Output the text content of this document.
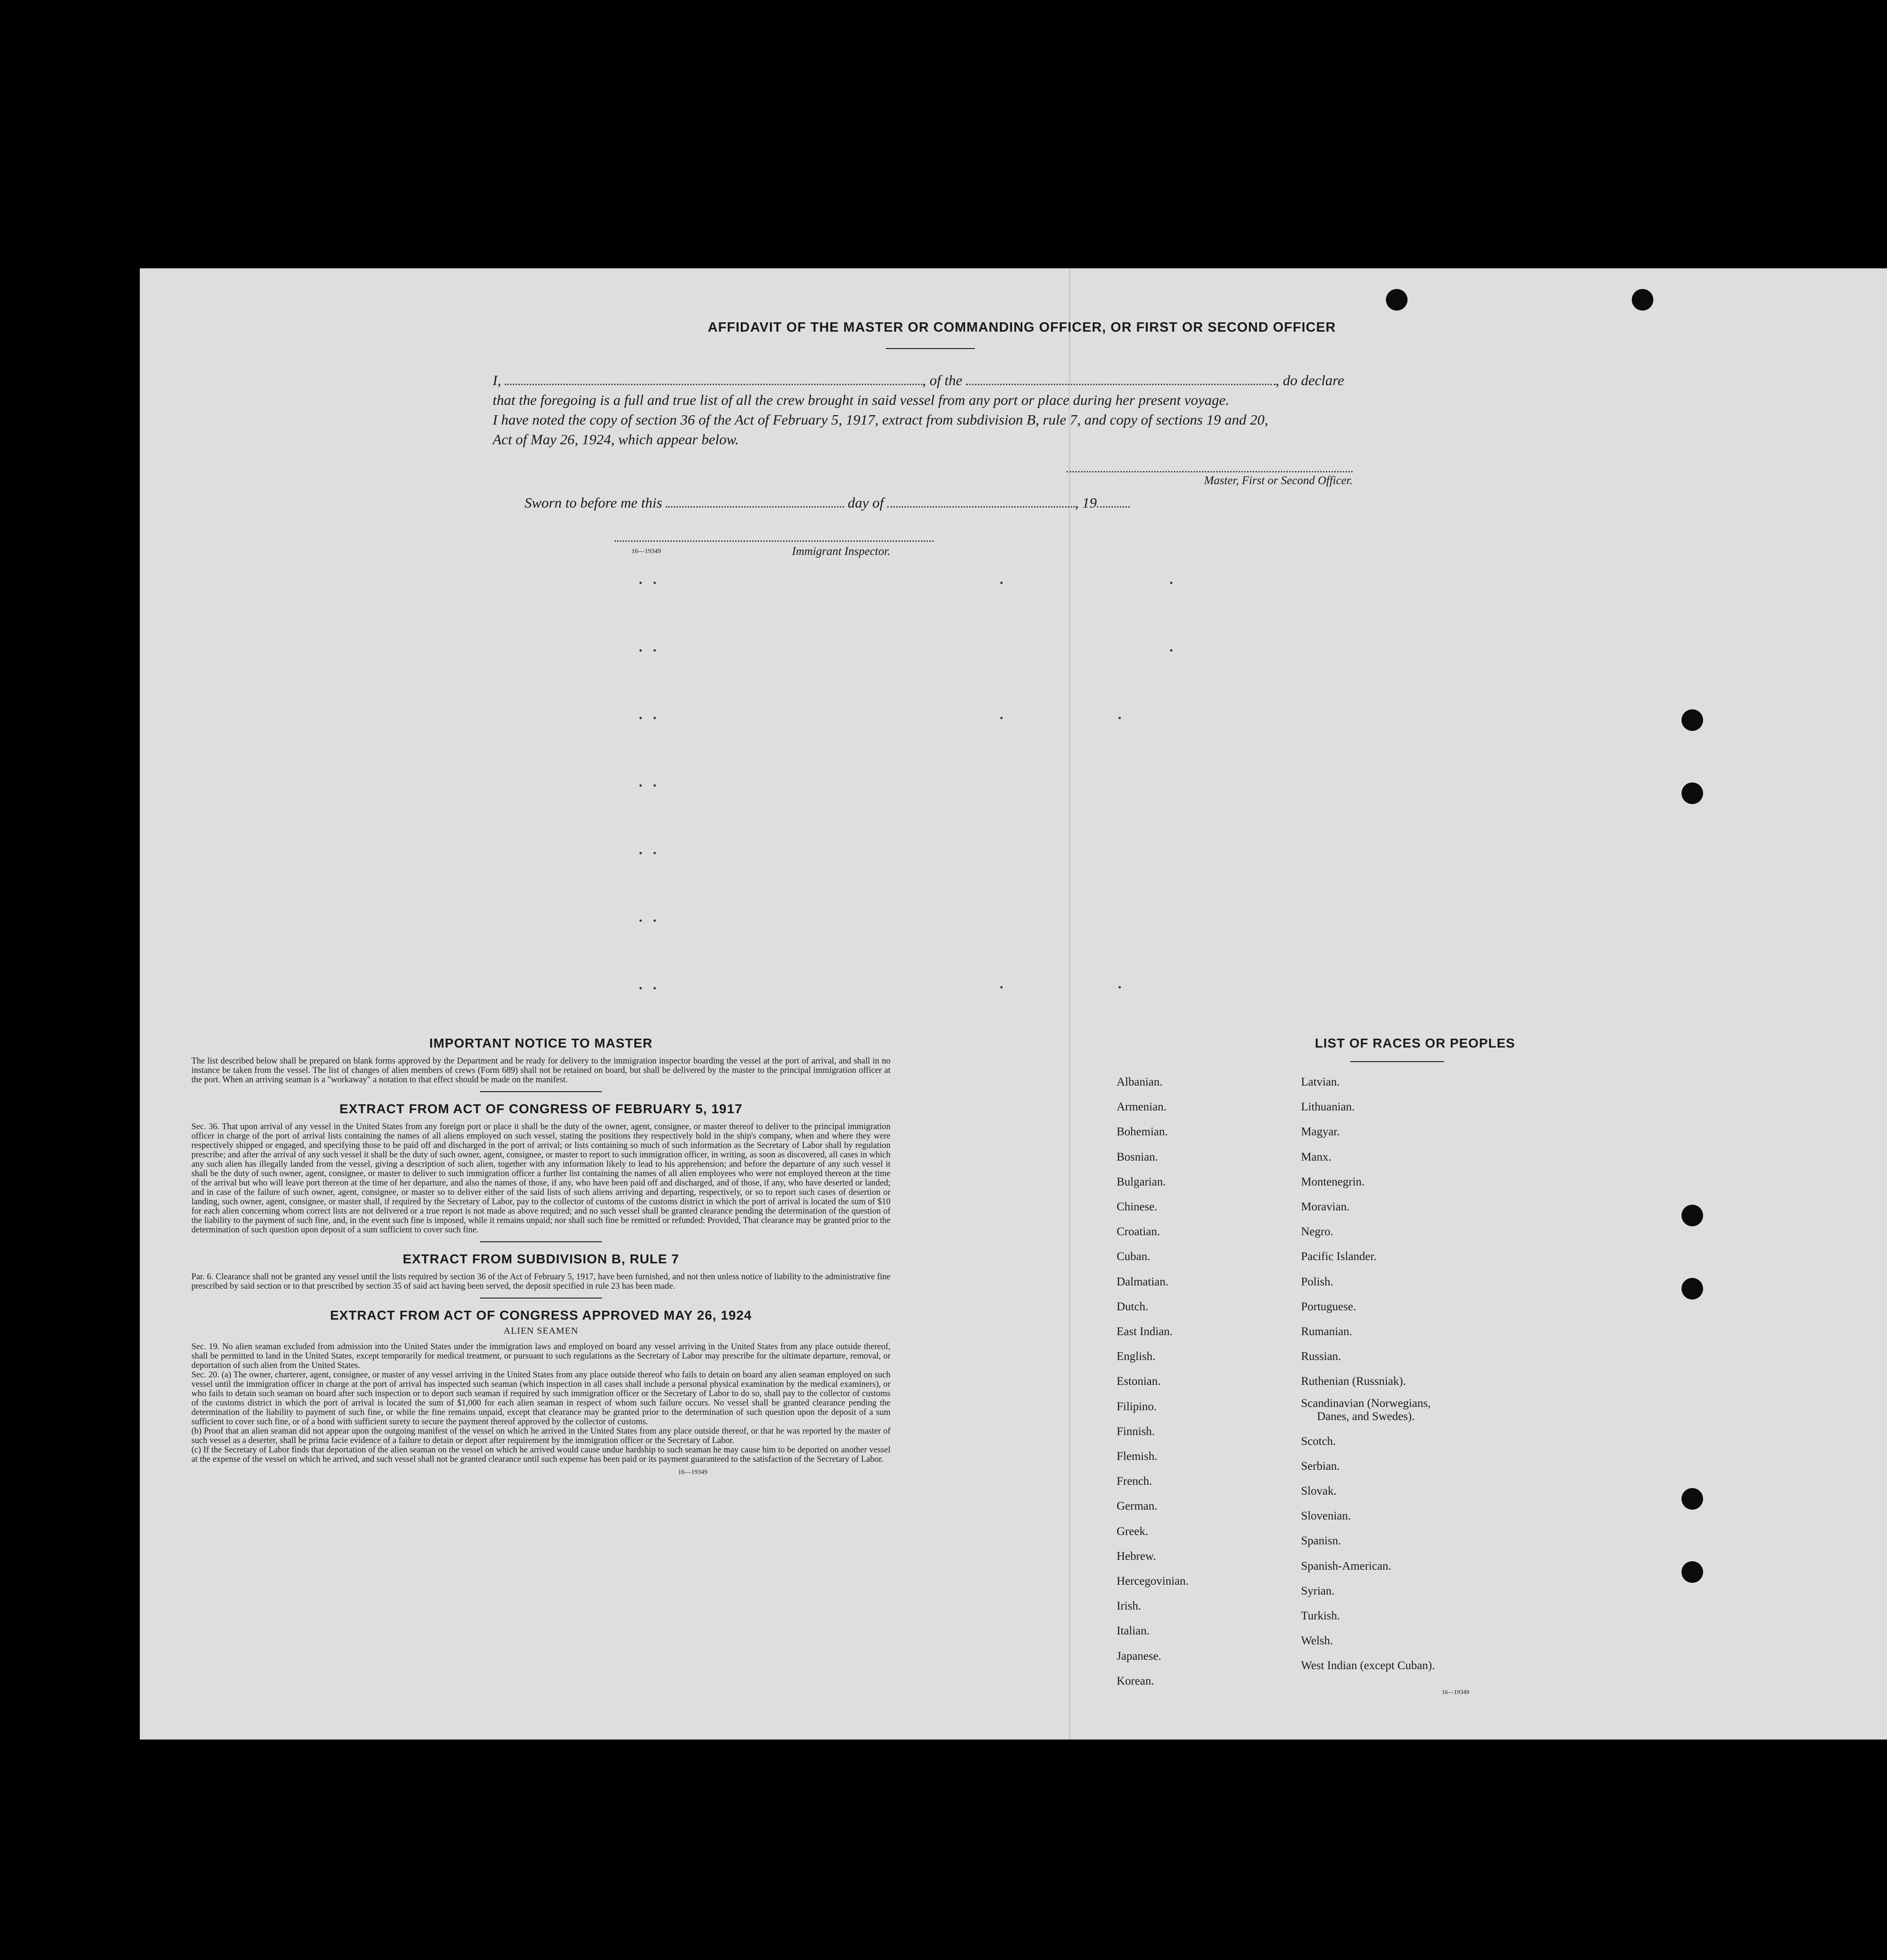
AFFIDAVIT OF THE MASTER OR COMMANDING OFFICER, OR FIRST OR SECOND OFFICER
I,	, of the	, do declare
that the foregoing is a full and true list of all the crew brought in said vessel from any port or place during her present voyage.
I have noted the copy of section 36 of the Act of February 5, 1917, extract from subdivision B, rule 7, and copy of sections 19 and 20,
Act of May 26, 1924, which appear below.
Master, First or Second Officer.
Sworn to before me this	day of	, 19
16—19349	Immigrant Inspector.
IMPORTANT NOTICE TO MASTER
The list described below shall be prepared on blank forms approved by the Department and be ready for delivery to the immigration inspector boarding the vessel at the port of arrival, and shall in no instance be taken from the vessel. The list of changes of alien members of crews (Form 689) shall not be retained on board, but shall be delivered by the master to the principal immigration officer at the port. When an arriving seaman is a "workaway" a notation to that effect should be made on the manifest.
EXTRACT FROM ACT OF CONGRESS OF FEBRUARY 5, 1917
Sec. 36. That upon arrival of any vessel in the United States from any foreign port or place it shall be the duty of the owner, agent, consignee, or master thereof to deliver to the principal immigration officer in charge of the port of arrival lists containing the names of all aliens employed on such vessel, stating the positions they respectively hold in the ship's company, when and where they were respectively shipped or engaged, and specifying those to be paid off and discharged in the port of arrival; or lists containing so much of such information as the Secretary of Labor shall by regulation prescribe; and after the arrival of any such vessel it shall be the duty of such owner, agent, consignee, or master to report to such immigration officer, in writing, as soon as discovered, all cases in which any such alien has illegally landed from the vessel, giving a description of such alien, together with any information likely to lead to his apprehension; and before the departure of any such vessel it shall be the duty of such owner, agent, consignee, or master to deliver to such immigration officer a further list containing the names of all alien employees who were not employed thereon at the time of the arrival but who will leave port thereon at the time of her departure, and also the names of those, if any, who have been paid off and discharged, and of those, if any, who have deserted or landed; and in case of the failure of such owner, agent, consignee, or master so to deliver either of the said lists of such aliens arriving and departing, respectively, or so to report such cases of desertion or landing, such owner, agent, consignee, or master shall, if required by the Secretary of Labor, pay to the collector of customs of the customs district in which the port of arrival is located the sum of $10 for each alien concerning whom correct lists are not delivered or a true report is not made as above required; and no such vessel shall be granted clearance pending the determination of the question of the liability to the payment of such fine, and, in the event such fine is imposed, while it remains unpaid; nor shall such fine be remitted or refunded: Provided, That clearance may be granted prior to the determination of such question upon deposit of a sum sufficient to cover such fine.
EXTRACT FROM SUBDIVISION B, RULE 7
Par. 6. Clearance shall not be granted any vessel until the lists required by section 36 of the Act of February 5, 1917, have been furnished, and not then unless notice of liability to the administrative fine prescribed by said section or to that prescribed by section 35 of said act having been served, the deposit specified in rule 23 has been made.
EXTRACT FROM ACT OF CONGRESS APPROVED MAY 26, 1924
ALIEN SEAMEN
Sec. 19. No alien seaman excluded from admission into the United States under the immigration laws and employed on board any vessel arriving in the United States from any place outside thereof, shall be permitted to land in the United States, except temporarily for medical treatment, or pursuant to such regulations as the Secretary of Labor may prescribe for the ultimate departure, removal, or deportation of such alien from the United States.
Sec. 20. (a) The owner, charterer, agent, consignee, or master of any vessel arriving in the United States from any place outside thereof who fails to detain on board any alien seaman employed on such vessel until the immigration officer in charge at the port of arrival has inspected such seaman (which inspection in all cases shall include a personal physical examination by the medical examiners), or who fails to detain such seaman on board after such inspection or to deport such seaman if required by such immigration officer or the Secretary of Labor to do so, shall pay to the collector of customs of the customs district in which the port of arrival is located the sum of $1,000 for each alien seaman in respect of whom such failure occurs. No vessel shall be granted clearance pending the determination of the liability to payment of such fine, or while the fine remains unpaid, except that clearance may be granted prior to the determination of such question upon the deposit of a sum sufficient to cover such fine, or of a bond with sufficient surety to secure the payment thereof approved by the collector of customs.
(b) Proof that an alien seaman did not appear upon the outgoing manifest of the vessel on which he arrived in the United States from any place outside thereof, or that he was reported by the master of such vessel as a deserter, shall be prima facie evidence of a failure to detain or deport after requirement by the immigration officer or the Secretary of Labor.
(c) If the Secretary of Labor finds that deportation of the alien seaman on the vessel on which he arrived would cause undue hardship to such seaman he may cause him to be deported on another vessel at the expense of the vessel on which he arrived, and such vessel shall not be granted clearance until such expense has been paid or its payment guaranteed to the satisfaction of the Secretary of Labor.
16—19349
LIST OF RACES OR PEOPLES
Albanian.
Armenian.
Bohemian.
Bosnian.
Bulgarian.
Chinese.
Croatian.
Cuban.
Dalmatian.
Dutch.
East Indian.
English.
Estonian.
Filipino.
Finnish.
Flemish.
French.
German.
Greek.
Hebrew.
Hercegovinian.
Irish.
Italian.
Japanese.
Korean.
Latvian.
Lithuanian.
Magyar.
Manx.
Montenegrin.
Moravian.
Negro.
Pacific Islander.
Polish.
Portuguese.
Rumanian.
Russian.
Ruthenian (Russniak).
Scandinavian (Norwegians,
Danes, and Swedes).
Scotch.
Serbian.
Slovak.
Slovenian.
Spanisn.
Spanish-American.
Syrian.
Turkish.
Welsh.
West Indian (except Cuban).
16—19349
